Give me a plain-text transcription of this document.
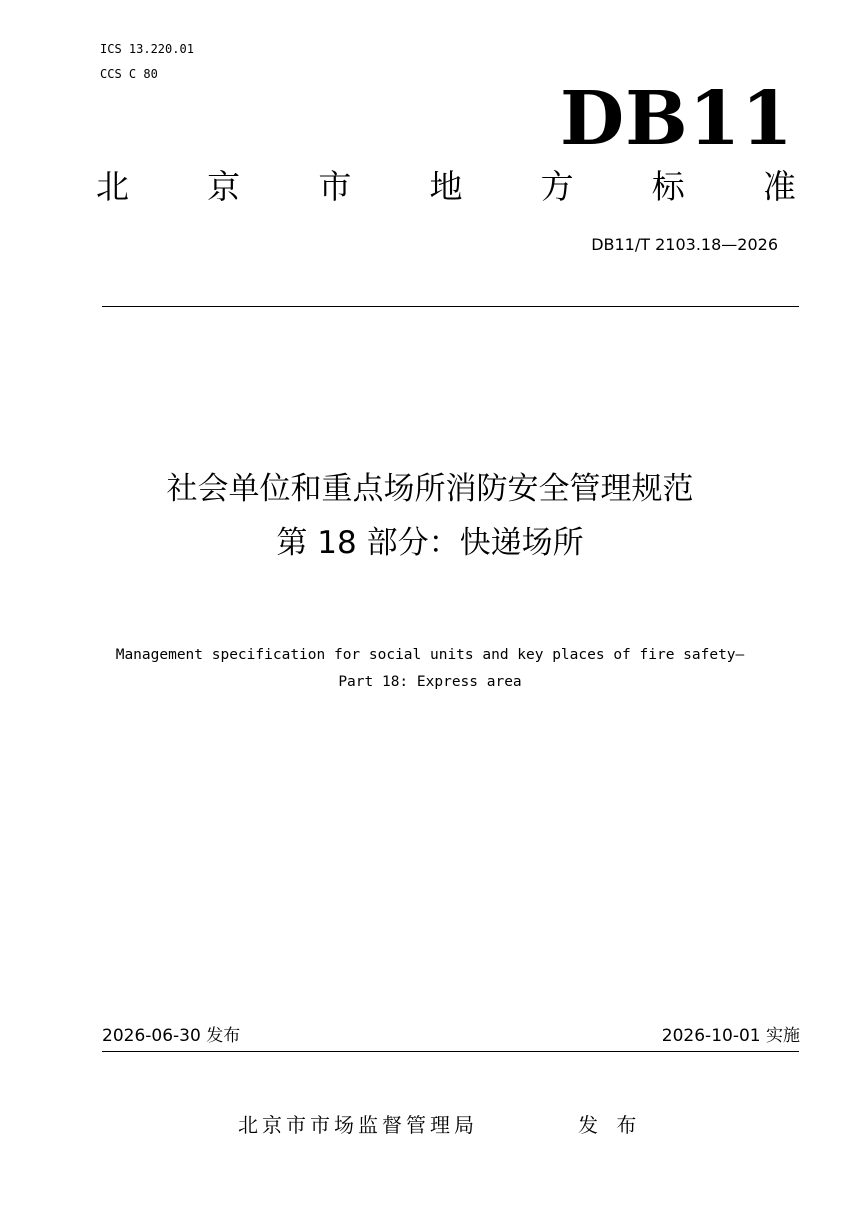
ICS 13.220.01
CCS C 80
DB11
北 京 市 地 方 标 准
DB11/T 2103.18—2026
社会单位和重点场所消防安全管理规范
第 18 部分：快递场所
Management specification for social units and key places of fire safety—
Part 18: Express area
2026-06-30 发布	2026-10-01 实施
北京市市场监督管理局	发 布
